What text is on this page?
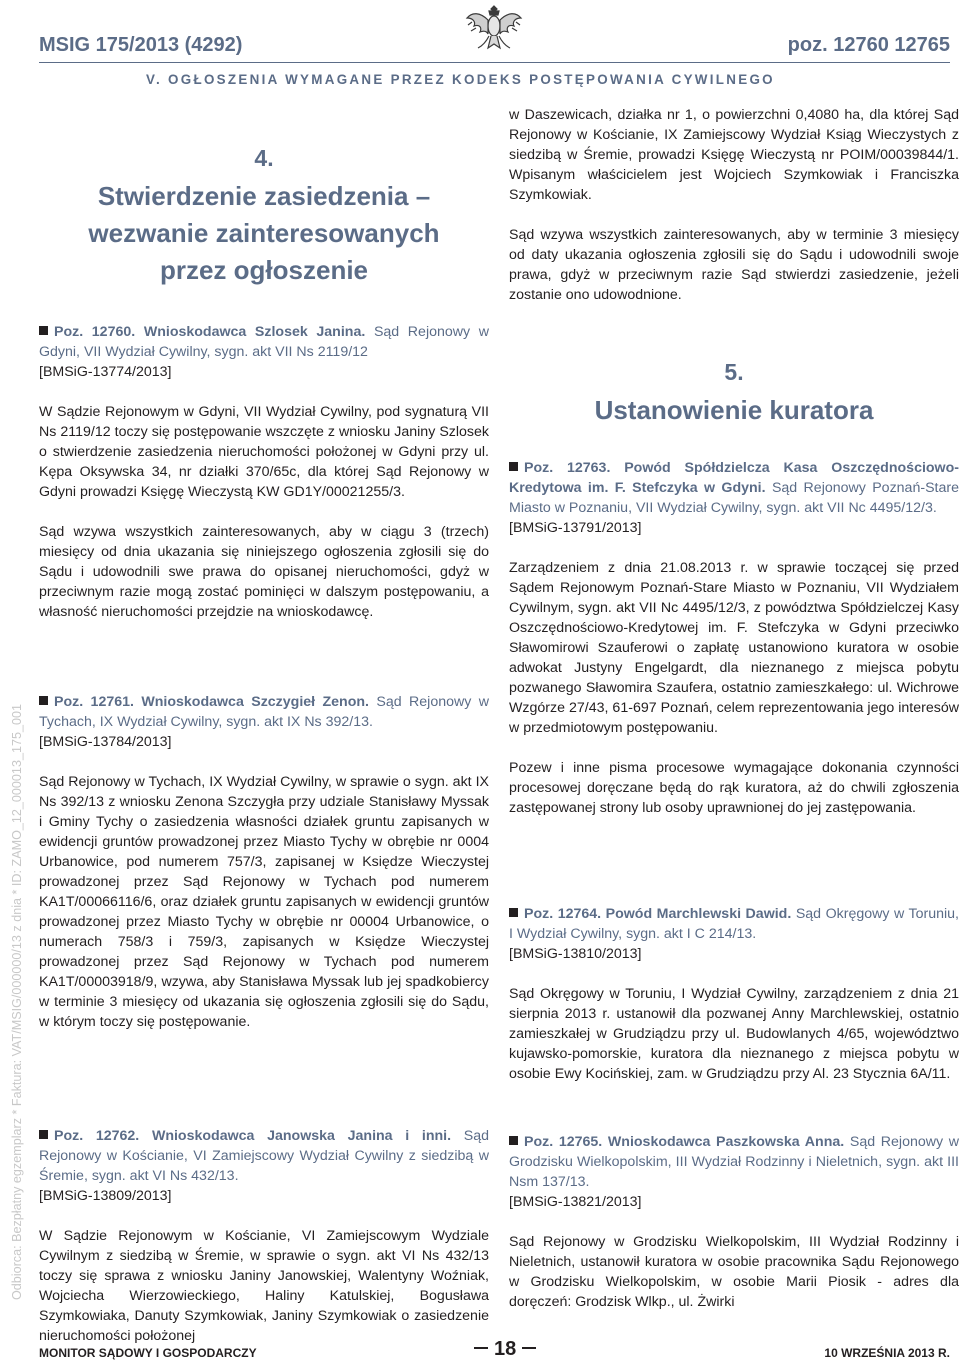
MSIG 175/2013 (4292)	poz. 12760 12765
V. OGŁOSZENIA WYMAGANE PRZEZ KODEKS POSTĘPOWANIA CYWILNEGO
Odbiorca: Bezpłatny egzemplarz * Faktura: VAT/MSIG/000000/13 z dnia * ID: ZAMO_12_000013_175_001
4.
Stwierdzenie zasiedzenia –
wezwanie zainteresowanych
przez ogłoszenie

Poz. 12760. Wnioskodawca Szlosek Janina. Sąd Rejonowy w Gdyni, VII Wydział Cywilny, sygn. akt VII Ns 2119/12

[BMSiG-13774/2013]

W Sądzie Rejonowym w Gdyni, VII Wydział Cywilny, pod sygnaturą VII Ns 2119/12 toczy się postępowanie wszczęte z wniosku Janiny Szlosek o stwierdzenie zasiedzenia nieruchomości położonej w Gdyni przy ul. Kępa Oksywska 34, nr działki 370/65c, dla której Sąd Rejonowy w Gdyni prowadzi Księgę Wieczystą KW GD1Y/00021255/3.

Sąd wzywa wszystkich zainteresowanych, aby w ciągu 3 (trzech) miesięcy od dnia ukazania się niniejszego ogłoszenia zgłosili się do Sądu i udowodnili swe prawa do opisanej nieruchomości, gdyż w przeciwnym razie mogą zostać pominięci w dalszym postępowaniu, a własność nieruchomości przejdzie na wnioskodawcę.

Poz. 12761. Wnioskodawca Szczygieł Zenon. Sąd Rejonowy w Tychach, IX Wydział Cywilny, sygn. akt IX Ns 392/13.

[BMSiG-13784/2013]

Sąd Rejonowy w Tychach, IX Wydział Cywilny, w sprawie o sygn. akt IX Ns 392/13 z wniosku Zenona Szczygła przy udziale Stanisławy Myssak i Gminy Tychy o zasiedzenia własności działek gruntu zapisanych w ewidencji gruntów prowadzonej przez Miasto Tychy w obrębie nr 0004 Urbanowice, pod numerem 757/3, zapisanej w Księdze Wieczystej prowadzonej przez Sąd Rejonowy w Tychach pod numerem KA1T/00066116/6, oraz działek gruntu zapisanych w ewidencji gruntów prowadzonej przez Miasto Tychy w obrębie nr 00004 Urbanowice, o numerach 758/3 i 759/3, zapisanych w Księdze Wieczystej prowadzonej przez Sąd Rejonowy w Tychach pod numerem KA1T/00003918/9, wzywa, aby Stanisława Myssak lub jej spadkobiercy w terminie 3 miesięcy od ukazania się ogłoszenia zgłosili się do Sądu, w którym toczy się postępowanie.

Poz. 12762. Wnioskodawca Janowska Janina i inni. Sąd Rejonowy w Kościanie, VI Zamiejscowy Wydział Cywilny z siedzibą w Śremie, sygn. akt VI Ns 432/13.

[BMSiG-13809/2013]

W Sądzie Rejonowym w Kościanie, VI Zamiejscowym Wydziale Cywilnym z siedzibą w Śremie, w sprawie o sygn. akt VI Ns 432/13 toczy się sprawa z wniosku Janiny Janowskiej, Walentyny Woźniak, Wojciecha Wierzowieckiego, Haliny Katulskiej, Bogusława Szymkowiaka, Danuty Szymkowiak, Janiny Szymkowiak o zasiedzenie nieruchomości położonej

w Daszewicach, działka nr 1, o powierzchni 0,4080 ha, dla której Sąd Rejonowy w Kościanie, IX Zamiejscowy Wydział Ksiąg Wieczystych z siedzibą w Śremie, prowadzi Księgę Wieczystą nr POIM/00039844/1. Wpisanym właścicielem jest Wojciech Szymkowiak i Franciszka Szymkowiak.

Sąd wzywa wszystkich zainteresowanych, aby w terminie 3 miesięcy od daty ukazania ogłoszenia zgłosili się do Sądu i udowodnili swoje prawa, gdyż w przeciwnym razie Sąd stwierdzi zasiedzenie, jeżeli zostanie ono udowodnione.

5.
Ustanowienie kuratora

Poz. 12763. Powód Spółdzielcza Kasa Oszczędnościowo-Kredytowa im. F. Stefczyka w Gdyni. Sąd Rejonowy Poznań-Stare Miasto w Poznaniu, VII Wydział Cywilny, sygn. akt VII Nc 4495/12/3.

[BMSiG-13791/2013]

Zarządzeniem z dnia 21.08.2013 r. w sprawie toczącej się przed Sądem Rejonowym Poznań-Stare Miasto w Poznaniu, VII Wydziałem Cywilnym, sygn. akt VII Nc 4495/12/3, z powództwa Spółdzielczej Kasy Oszczędnościowo-Kredytowej im. F. Stefczyka w Gdyni przeciwko Sławomirowi Szauferowi o zapłatę ustanowiono kuratora w osobie adwokat Justyny Engelgardt, dla nieznanego z miejsca pobytu pozwanego Sławomira Szaufera, ostatnio zamieszkałego: ul. Wichrowe Wzgórze 27/43, 61-697 Poznań, celem reprezentowania jego interesów w przedmiotowym postępowaniu.

Pozew i inne pisma procesowe wymagające dokonania czynności procesowej doręczane będą do rąk kuratora, aż do chwili zgłoszenia zastępowanej strony lub osoby uprawnionej do jej zastępowania.

Poz. 12764. Powód Marchlewski Dawid. Sąd Okręgowy w Toruniu, I Wydział Cywilny, sygn. akt I C 214/13.

[BMSiG-13810/2013]

Sąd Okręgowy w Toruniu, I Wydział Cywilny, zarządzeniem z dnia 21 sierpnia 2013 r. ustanowił dla pozwanej Anny Marchlewskiej, ostatnio zamieszkałej w Grudziądzu przy ul. Budowlanych 4/65, województwo kujawsko-pomorskie, kuratora dla nieznanego z miejsca pobytu w osobie Ewy Kocińskiej, zam. w Grudziądzu przy Al. 23 Stycznia 6A/11.

Poz. 12765. Wnioskodawca Paszkowska Anna. Sąd Rejonowy w Grodzisku Wielkopolskim, III Wydział Rodzinny i Nieletnich, sygn. akt III Nsm 137/13.

[BMSiG-13821/2013]

Sąd Rejonowy w Grodzisku Wielkopolskim, III Wydział Rodzinny i Nieletnich, ustanowił kuratora w osobie pracownika Sądu Rejonowego w Grodzisku Wielkopolskim, w osobie Marii Piosik - adres dla doręczeń: Grodzisk Wlkp., ul. Żwirki

MONITOR SĄDOWY I GOSPODARCZY	18	10 WRZEŚNIA 2013 R.
